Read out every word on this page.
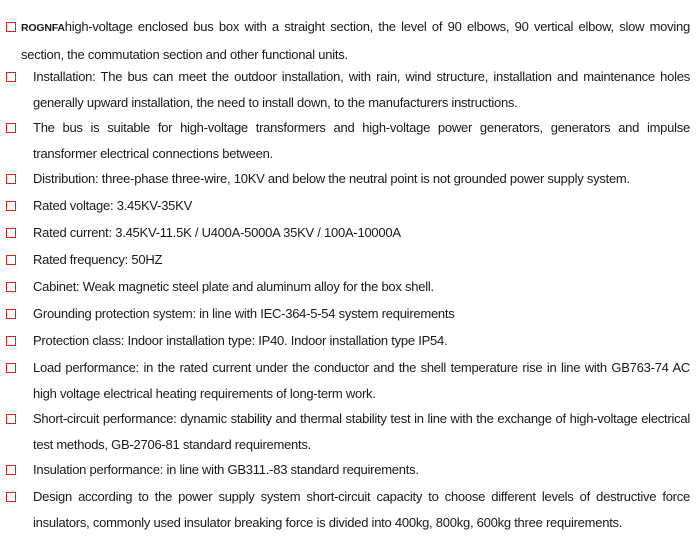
ROGNFAhigh-voltage enclosed bus box with a straight section, the level of 90 elbows, 90 vertical elbow, slow moving section, the commutation section and other functional units.
Installation: The bus can meet the outdoor installation, with rain, wind structure, installation and maintenance holes generally upward installation, the need to install down, to the manufacturers instructions.
The bus is suitable for high-voltage transformers and high-voltage power generators, generators and impulse transformer electrical connections between.
Distribution: three-phase three-wire, 10KV and below the neutral point is not grounded power supply system.
Rated voltage: 3.45KV-35KV
Rated current: 3.45KV-11.5K / U400A-5000A 35KV / 100A-10000A
Rated frequency: 50HZ
Cabinet: Weak magnetic steel plate and aluminum alloy for the box shell.
Grounding protection system: in line with IEC-364-5-54 system requirements
Protection class: Indoor installation type: IP40. Indoor installation type IP54.
Load performance: in the rated current under the conductor and the shell temperature rise in line with GB763-74 AC high voltage electrical heating requirements of long-term work.
Short-circuit performance: dynamic stability and thermal stability test in line with the exchange of high-voltage electrical test methods, GB-2706-81 standard requirements.
Insulation performance: in line with GB311.-83 standard requirements.
Design according to the power supply system short-circuit capacity to choose different levels of destructive force insulators, commonly used insulator breaking force is divided into 400kg, 800kg, 600kg three requirements.
